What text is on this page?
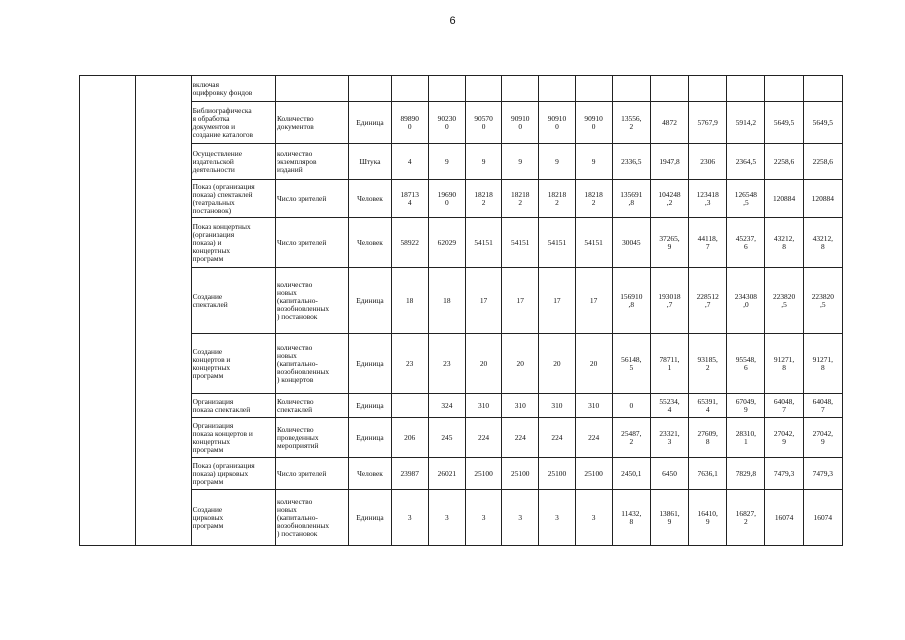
6
		включая
оцифровку фондов														
		Библиографическа
я обработка
документов и
создание каталогов	Количество
документов	Единица	89890
0	90230
0	90570
0	90910
0	90910
0	90910
0	13556,
2	4872	5767,9	5914,2	5649,5	5649,5
		Осуществление
издательской
деятельности	количество
экземпляров
изданий	Штука	4	9	9	9	9	9	2336,5	1947,8	2306	2364,5	2258,6	2258,6
		Показ (организация
показа) спектаклей
(театральных
постановок)	Число зрителей	Человек	18713
4	19690
0	18218
2	18218
2	18218
2	18218
2	135691
,8	104248
,2	123418
,3	126548
,5	120884	120884
		Показ концертных
(организация
показа) и
концертных
программ	Число зрителей	Человек	58922	62029	54151	54151	54151	54151	30045	37265,
9	44118,
7	45237,
6	43212,
8	43212,
8
		Создание
спектаклей	количество
новых
(капитально-
возобновленных
) постановок	Единица	18	18	17	17	17	17	156910
,8	193018
,7	228512
,7	234308
,0	223820
,5	223820
,5
		Создание
концертов и
концертных
программ	количество
новых
(капитально-
возобновленных
) концертов	Единица	23	23	20	20	20	20	56148,
5	78711,
1	93185,
2	95548,
6	91271,
8	91271,
8
		Организация
показа спектаклей	Количество
спектаклей	Единица		324	310	310	310	310	0	55234,
4	65391,
4	67049,
9	64048,
7	64048,
7
		Организация
показа концертов и
концертных
программ	Количество
проведенных
мероприятий	Единица	206	245	224	224	224	224	25487,
2	23321,
3	27609,
8	28310,
1	27042,
9	27042,
9
		Показ (организация
показа) цирковых
программ	Число зрителей	Человек	23987	26021	25100	25100	25100	25100	2450,1	6450	7636,1	7829,8	7479,3	7479,3
		Создание
цирковых
программ	количество
новых
(капитально-
возобновленных
) постановок	Единица	3	3	3	3	3	3	11432,
8	13861,
9	16410,
9	16827,
2	16074	16074
